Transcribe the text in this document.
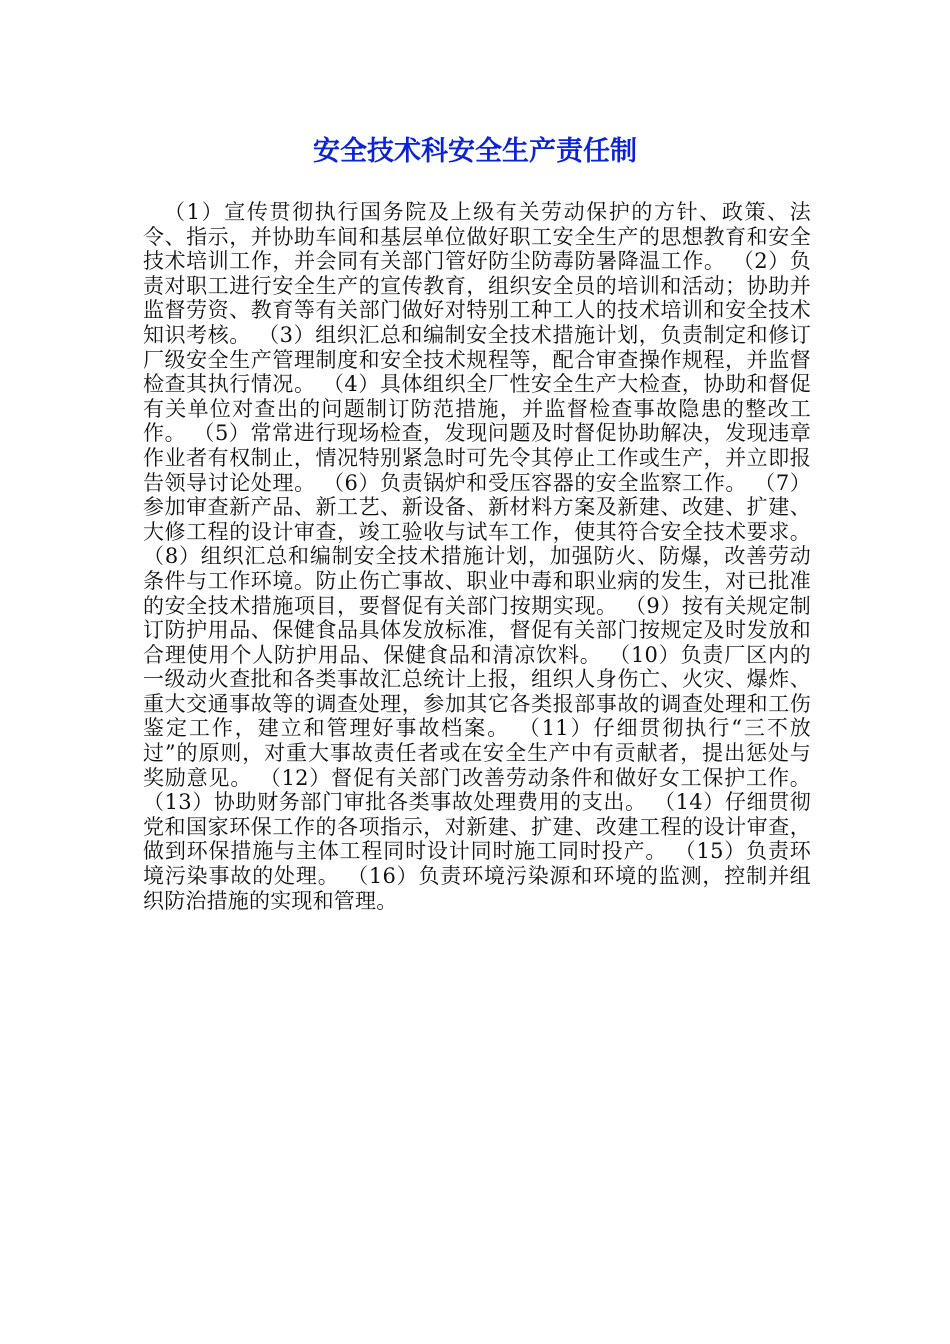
安全技术科安全生产责任制

（1）宣传贯彻执行国务院及上级有关劳动保护的方针、政策、法令、指示，并协助车间和基层单位做好职工安全生产的思想教育和安全技术培训工作，并会同有关部门管好防尘防毒防暑降温工作。 （2）负责对职工进行安全生产的宣传教育，组织安全员的培训和活动；协助并监督劳资、教育等有关部门做好对特别工种工人的技术培训和安全技术知识考核。 （3）组织汇总和编制安全技术措施计划，负责制定和修订厂级安全生产管理制度和安全技术规程等，配合审查操作规程，并监督检查其执行情况。 （4）具体组织全厂性安全生产大检查，协助和督促有关单位对查出的问题制订防范措施，并监督检查事故隐患的整改工作。 （5）常常进行现场检查，发现问题及时督促协助解决，发现违章作业者有权制止，情况特别紧急时可先令其停止工作或生产，并立即报告领导讨论处理。 （6）负责锅炉和受压容器的安全监察工作。 （7）参加审查新产品、新工艺、新设备、新材料方案及新建、改建、扩建、大修工程的设计审查，竣工验收与试车工作，使其符合安全技术要求。 （8）组织汇总和编制安全技术措施计划，加强防火、防爆，改善劳动条件与工作环境。防止伤亡事故、职业中毒和职业病的发生，对已批准的安全技术措施项目，要督促有关部门按期实现。 （9）按有关规定制订防护用品、保健食品具体发放标准，督促有关部门按规定及时发放和合理使用个人防护用品、保健食品和清凉饮料。 （10）负责厂区内的一级动火查批和各类事故汇总统计上报，组织人身伤亡、火灾、爆炸、重大交通事故等的调查处理，参加其它各类报部事故的调查处理和工伤鉴定工作，建立和管理好事故档案。 （11）仔细贯彻执行“三不放过”的原则，对重大事故责任者或在安全生产中有贡献者，提出惩处与奖励意见。 （12）督促有关部门改善劳动条件和做好女工保护工作。 （13）协助财务部门审批各类事故处理费用的支出。 （14）仔细贯彻党和国家环保工作的各项指示，对新建、扩建、改建工程的设计审查，做到环保措施与主体工程同时设计同时施工同时投产。 （15）负责环境污染事故的处理。 （16）负责环境污染源和环境的监测，控制并组织防治措施的实现和管理。
